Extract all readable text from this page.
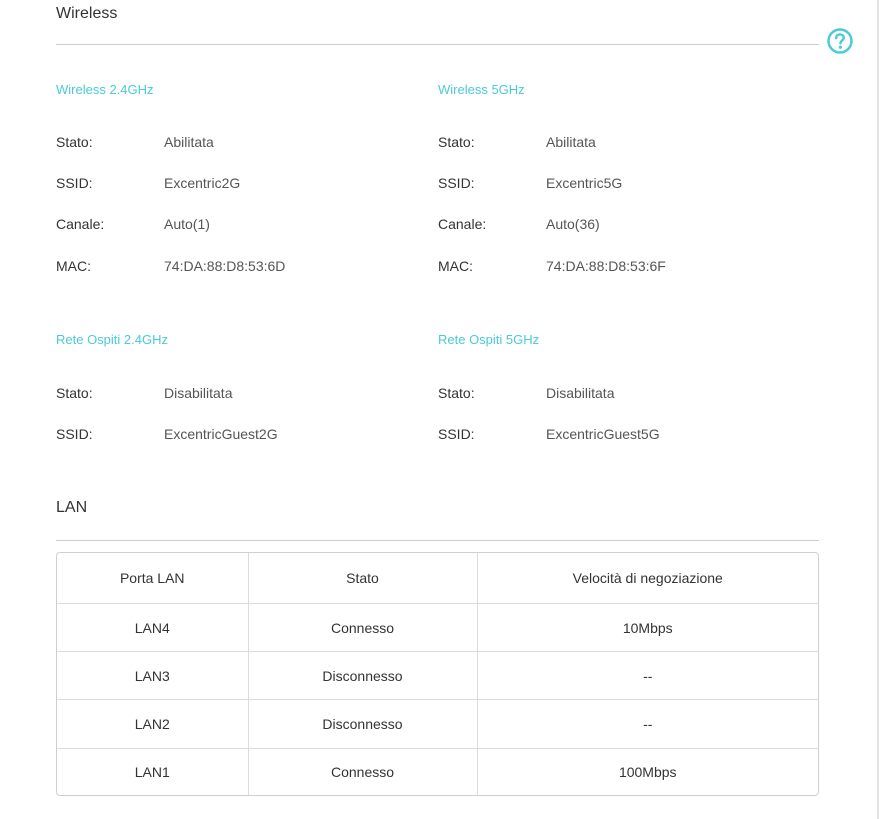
Wireless
Wireless 2.4GHz
Stato:	Abilitata
SSID:	Excentric2G
Canale:	Auto(1)
MAC:	74:DA:88:D8:53:6D
Wireless 5GHz
Stato:	Abilitata
SSID:	Excentric5G
Canale:	Auto(36)
MAC:	74:DA:88:D8:53:6F
Rete Ospiti 2.4GHz
Stato:	Disabilitata
SSID:	ExcentricGuest2G
Rete Ospiti 5GHz
Stato:	Disabilitata
SSID:	ExcentricGuest5G
LAN
Porta LAN	Stato	Velocità di negoziazione
LAN4	Connesso	10Mbps
LAN3	Disconnesso	--
LAN2	Disconnesso	--
LAN1	Connesso	100Mbps
